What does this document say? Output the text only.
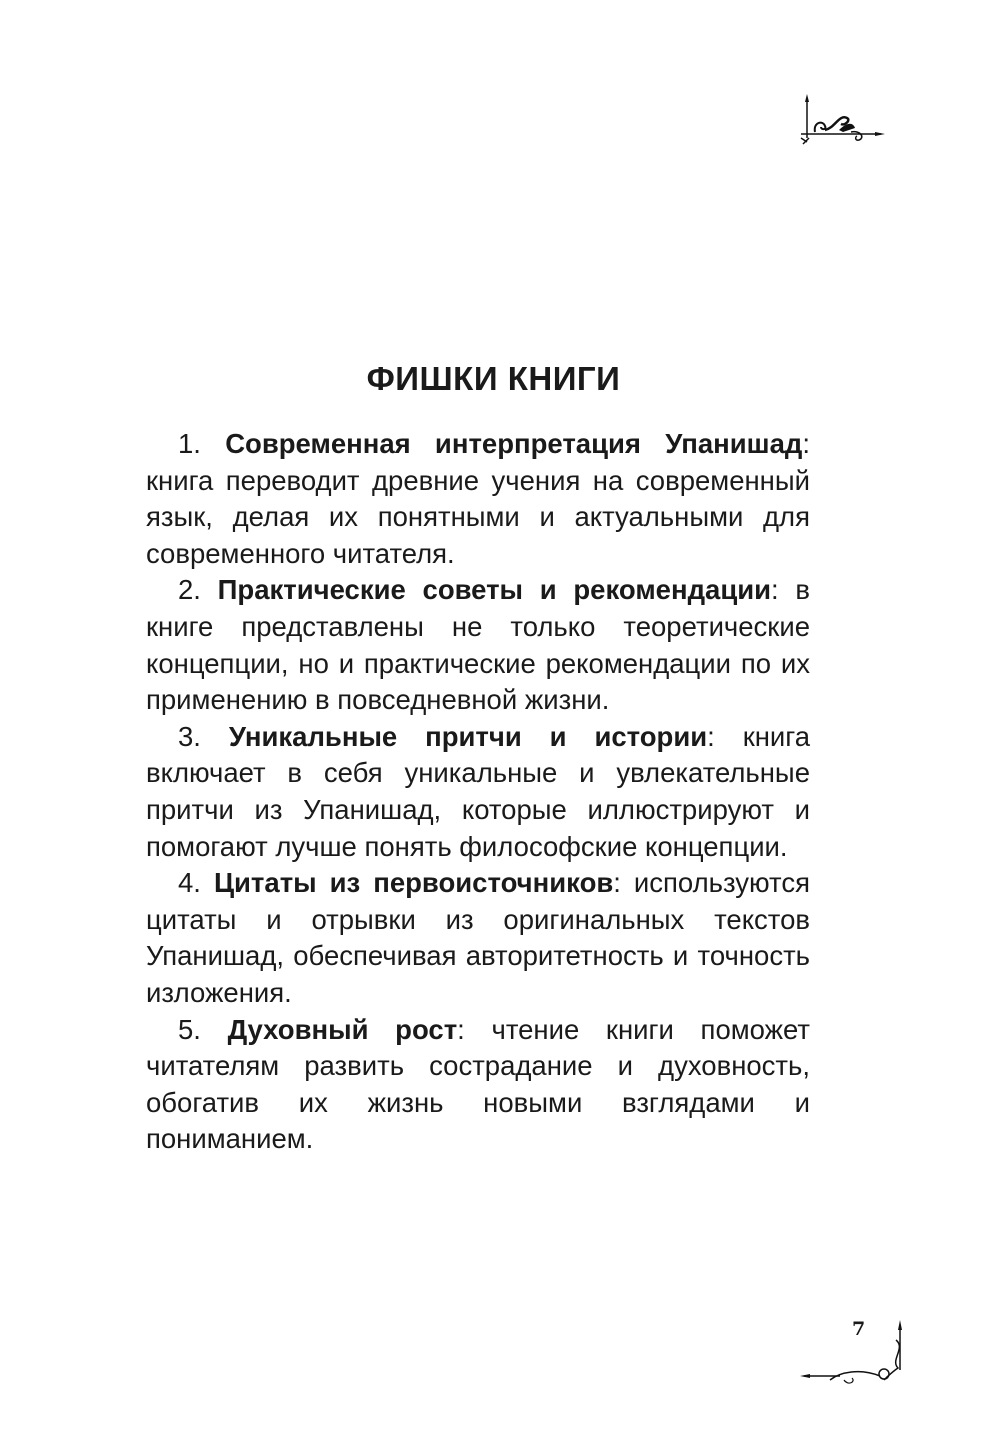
ФИШКИ КНИГИ

1. Современная интерпретация Упанишад: книга переводит древние учения на современный язык, делая их понятными и актуальными для современного читателя.

2. Практические советы и рекомендации: в книге представлены не только теоретические концепции, но и практические рекомендации по их применению в повседневной жизни.

3. Уникальные притчи и истории: книга включает в себя уникальные и увлекательные притчи из Упанишад, которые иллюстрируют и помогают лучше понять философские концепции.

4. Цитаты из первоисточников: используются цитаты и отрывки из оригинальных текстов Упанишад, обеспечивая авторитетность и точность изложения.

5. Духовный рост: чтение книги поможет читателям развить сострадание и духовность, обогатив их жизнь новыми взглядами и пониманием.

7
